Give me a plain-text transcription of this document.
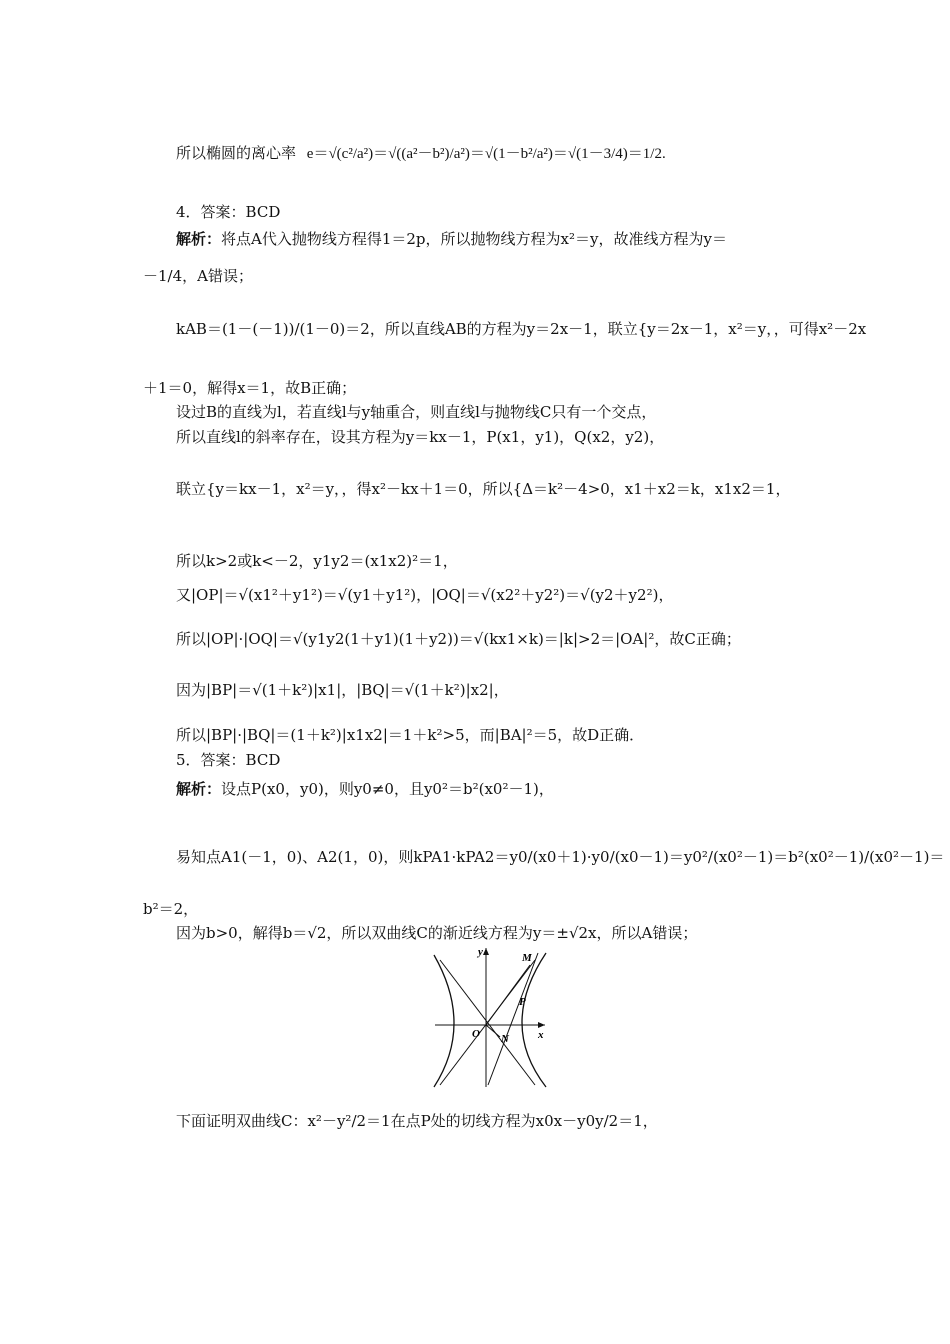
所以椭圆的离心率 e＝√(c²/a²)＝√((a²－b²)/a²)＝√(1－b²/a²)＝√(1－3/4)＝1/2.
4．答案：BCD
解析：将点A代入抛物线方程得1＝2p，所以抛物线方程为x²＝y，故准线方程为y＝
－1/4，A错误；
kAB＝(1－(－1))/(1－0)＝2，所以直线AB的方程为y＝2x－1，联立{y＝2x－1，x²＝y，，可得x²－2x
＋1＝0，解得x＝1，故B正确；
设过B的直线为l，若直线l与y轴重合，则直线l与抛物线C只有一个交点，
所以直线l的斜率存在，设其方程为y＝kx－1，P(x1，y1)，Q(x2，y2)，
联立{y＝kx－1，x²＝y，，得x²－kx＋1＝0，所以{Δ＝k²－4>0，x1＋x2＝k，x1x2＝1，
所以k>2或k<－2，y1y2＝(x1x2)²＝1，
又|OP|＝√(x1²＋y1²)＝√(y1＋y1²)，|OQ|＝√(x2²＋y2²)＝√(y2＋y2²)，
所以|OP|·|OQ|＝√(y1y2(1＋y1)(1＋y2))＝√(kx1×k)＝|k|>2＝|OA|²，故C正确；
因为|BP|＝√(1＋k²)|x1|，|BQ|＝√(1＋k²)|x2|，
所以|BP|·|BQ|＝(1＋k²)|x1x2|＝1＋k²>5，而|BA|²＝5，故D正确．
5．答案：BCD
解析：设点P(x0，y0)，则y0≠0，且y0²＝b²(x0²－1)，
易知点A1(－1，0)、A2(1，0)，则kPA1·kPA2＝y0/(x0＋1)·y0/(x0－1)＝y0²/(x0²－1)＝b²(x0²－1)/(x0²－1)＝
b²＝2，
因为b>0，解得b＝√2，所以双曲线C的渐近线方程为y＝±√2x，所以A错误；
y
x
O
M
P
N
下面证明双曲线C：x²－y²/2＝1在点P处的切线方程为x0x－y0y/2＝1，
